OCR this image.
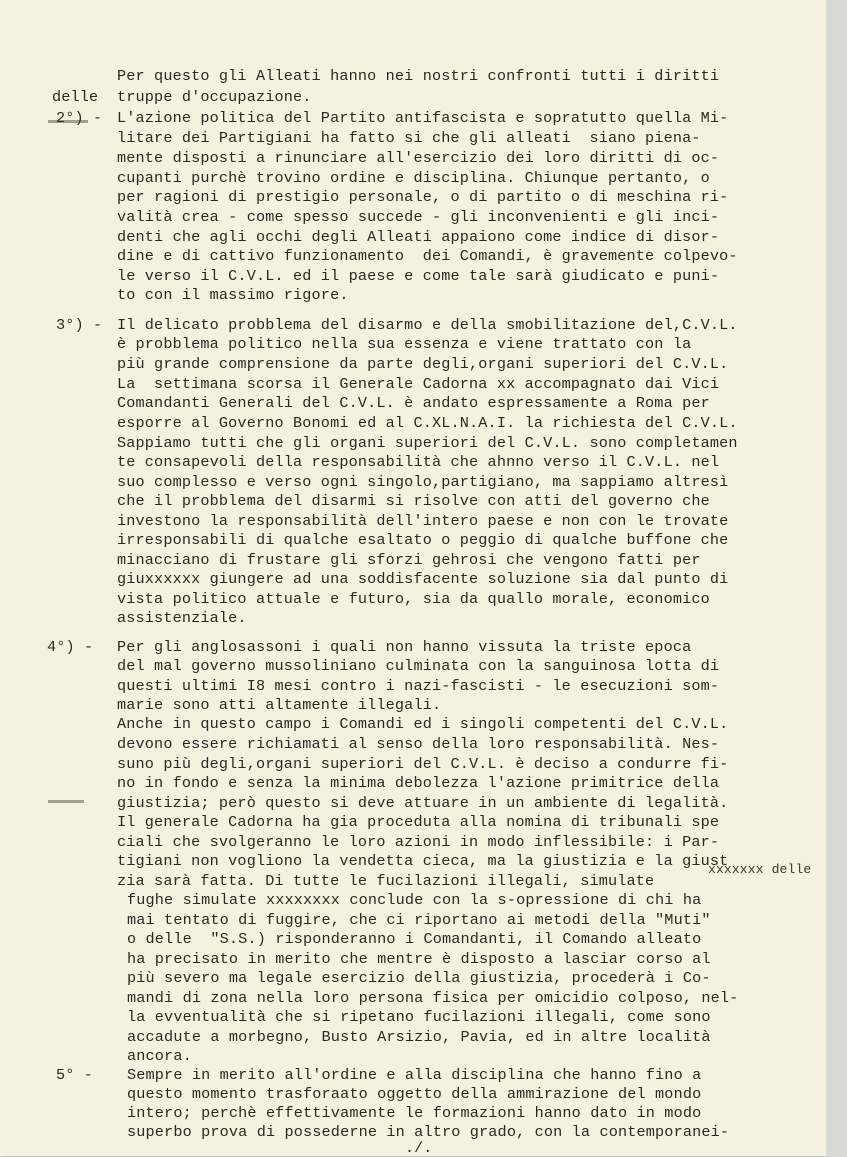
Per questo gli Alleati hanno nei nostri confronti tutti i diritti
delle truppe d'occupazione.
2°) - L'azione politica del Partito antifascista e sopratutto quella Mi-
litare dei Partigiani ha fatto si che gli alleati  siano piena-
mente disposti a rinunciare all'esercizio dei loro diritti di oc-
cupanti purchè trovino ordine e disciplina. Chiunque pertanto, o
per ragioni di prestigio personale, o di partito o di meschina ri-
valità crea - come spesso succede - gli inconvenienti e gli inci-
denti che agli occhi degli Alleati appaiono come indice di disor-
dine e di cattivo funzionamento  dei Comandi, è gravemente colpevo-
le verso il C.V.L. ed il paese e come tale sarà giudicato e puni-
to con il massimo rigore.
3°) - Il delicato probblema del disarmo e della smobilitazione del,C.V.L.
è probblema politico nella sua essenza e viene trattato con la
più grande comprensione da parte degli,organi superiori del C.V.L.
La  settimana scorsa il Generale Cadorna xx accompagnato dai Vici
Comandanti Generali del C.V.L. è andato espressamente a Roma per
esporre al Governo Bonomi ed al C.XL.N.A.I. la richiesta del C.V.L.
Sappiamo tutti che gli organi superiori del C.V.L. sono completamen
te consapevoli della responsabilità che ahnno verso il C.V.L. nel
suo complesso e verso ogni singolo,partigiano, ma sappiamo altresì
che il probblema del disarmi si risolve con atti del governo che
investono la responsabilità dell'intero paese e non con le trovate
irresponsabili di qualche esaltato o peggio di qualche buffone che
minacciano di frustare gli sforzi gehrosi che vengono fatti per
giuxxxxxx giungere ad una soddisfacente soluzione sia dal punto di
vista politico attuale e futuro, sia da quallo morale, economico
assistenziale.
4°) - Per gli anglosassoni i quali non hanno vissuta la triste epoca
del mal governo mussoliniano culminata con la sanguinosa lotta di
questi ultimi I8 mesi contro i nazi-fascisti - le esecuzioni som-
marie sono atti altamente illegali.
Anche in questo campo i Comandi ed i singoli competenti del C.V.L.
devono essere richiamati al senso della loro responsabilità. Nes-
suno più degli,organi superiori del C.V.L. è deciso a condurre fi-
no in fondo e senza la minima debolezza l'azione primitrice della
giustizia; però questo si deve attuare in un ambiente di legalità.
Il generale Cadorna ha gia proceduta alla nomina di tribunali spe
ciali che svolgeranno le loro azioni in modo inflessibile: i Par-
tigiani non vogliono la vendetta cieca, ma la giustizia e la giust
xxxxxxx delle
zia sarà fatta. Di tutte le fucilazioni illegali, simulate
fughe simulate xxxxxxxx conclude con la s-opressione di chi ha
mai tentato di fuggire, che ci riportano ai metodi della "Muti"
o delle  "S.S.) risponderanno i Comandanti, il Comando alleato
ha precisato in merito che mentre è disposto a lasciar corso al
più severo ma legale esercizio della giustizia, procederà i Co-
mandi di zona nella loro persona fisica per omicidio colposo, nel-
la evventualità che si ripetano fucilazioni illegali, come sono
accadute a morbegno, Busto Arsizio, Pavia, ed in altre località
ancora.
5° - Sempre in merito all'ordine e alla disciplina che hanno fino a
questo momento trasforaato oggetto della ammirazione del mondo
intero; perchè effettivamente le formazioni hanno dato in modo
superbo prova di possederne in altro grado, con la contemporanei-
./.
